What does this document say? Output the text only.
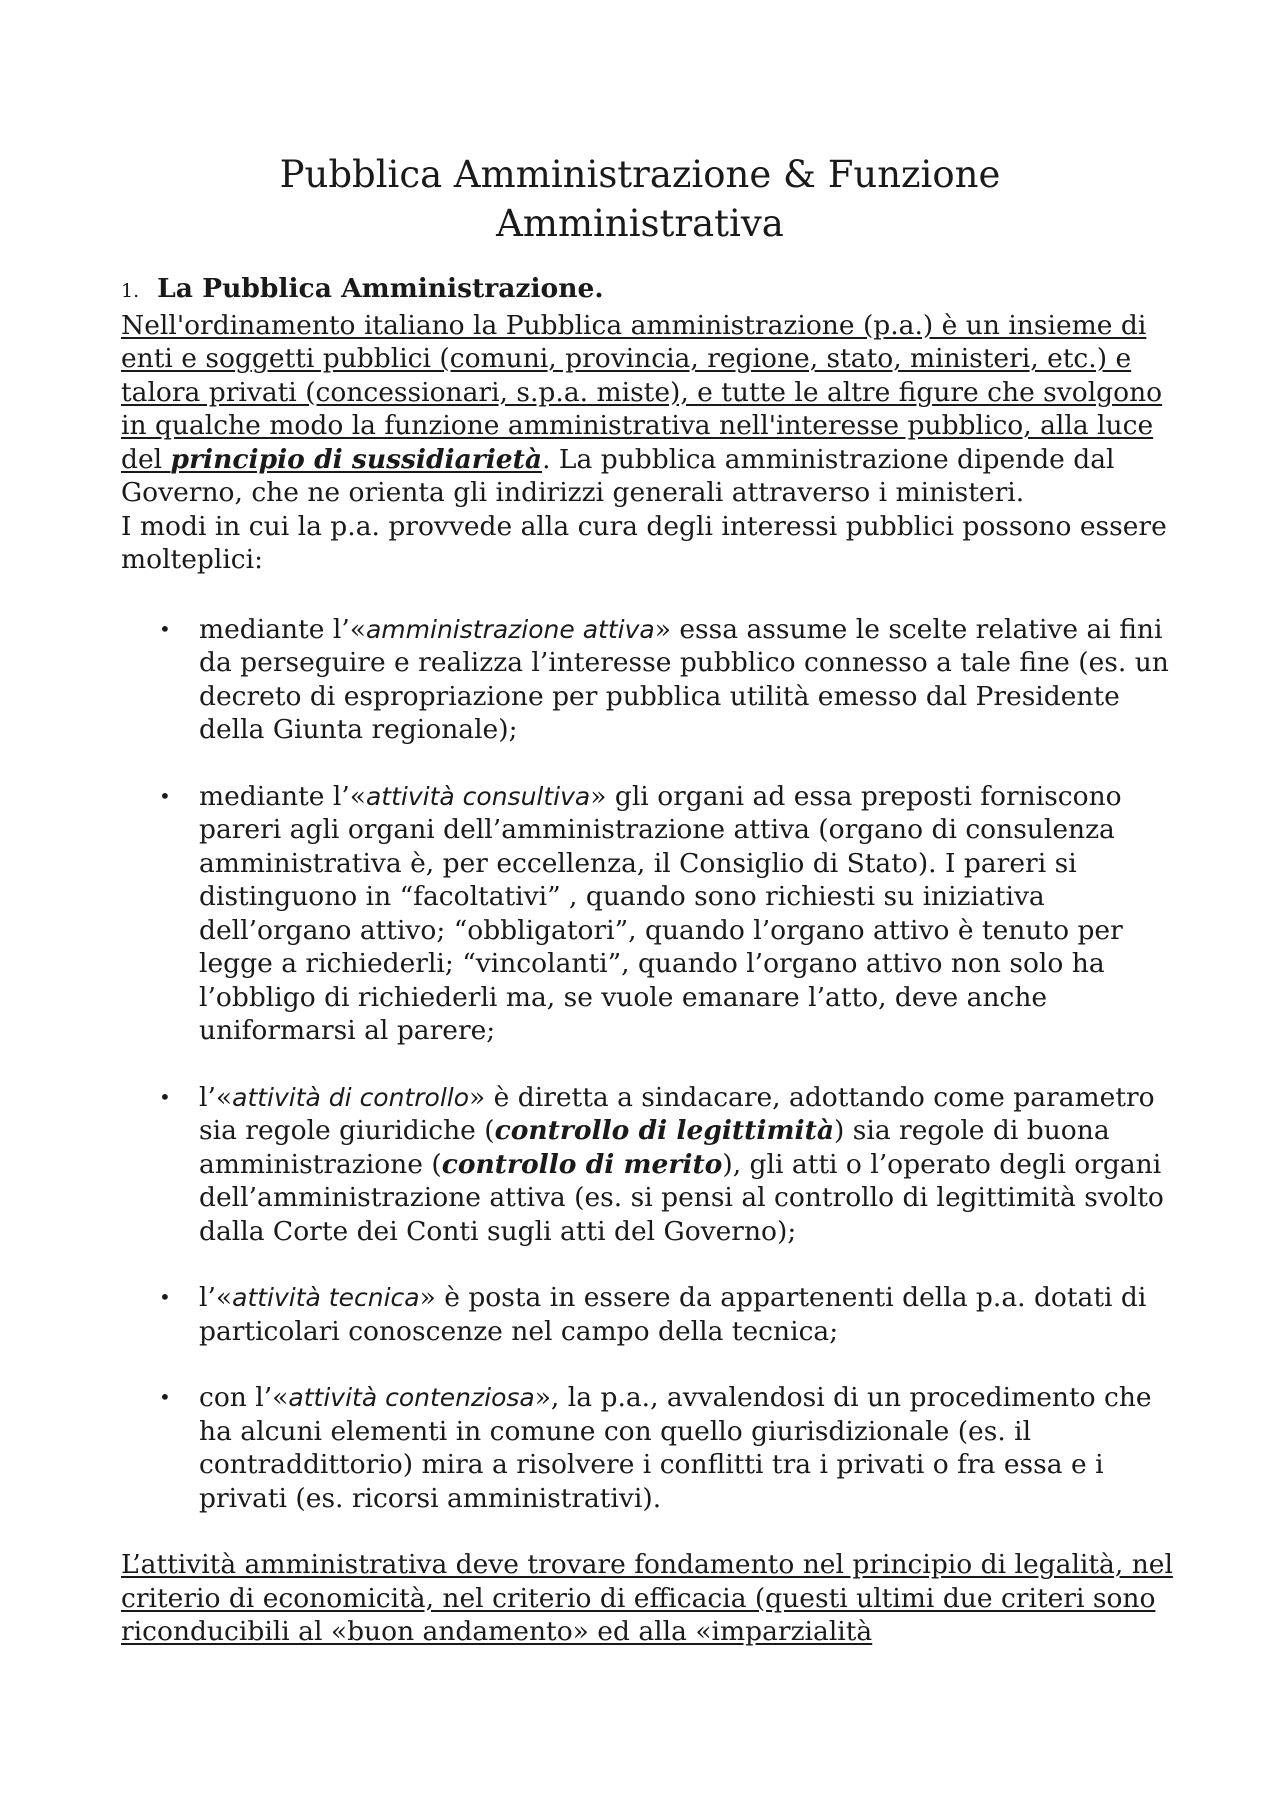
Pubblica Amministrazione & Funzione
Amministrativa
1. La Pubblica Amministrazione.

Nell'ordinamento italiano la Pubblica amministrazione (p.a.) è un insieme di enti e soggetti pubblici (comuni, provincia, regione, stato, ministeri, etc.) e talora privati (concessionari, s.p.a. miste), e tutte le altre figure che svolgono in qualche modo la funzione amministrativa nell'interesse pubblico, alla luce del principio di sussidiarietà. La pubblica amministrazione dipende dal Governo, che ne orienta gli indirizzi generali attraverso i ministeri.

I modi in cui la p.a. provvede alla cura degli interessi pubblici possono essere molteplici:

• mediante l’«amministrazione attiva» essa assume le scelte relative ai fini da perseguire e realizza l’interesse pubblico connesso a tale fine (es. un decreto di espropriazione per pubblica utilità emesso dal Presidente della Giunta regionale);
• mediante l’«attività consultiva» gli organi ad essa preposti forniscono pareri agli organi dell’amministrazione attiva (organo di consulenza amministrativa è, per eccellenza, il Consiglio di Stato). I pareri si distinguono in “facoltativi” , quando sono richiesti su iniziativa dell’organo attivo; “obbligatori”, quando l’organo attivo è tenuto per legge a richiederli; “vincolanti”, quando l’organo attivo non solo ha l’obbligo di richiederli ma, se vuole emanare l’atto, deve anche uniformarsi al parere;
• l’«attività di controllo» è diretta a sindacare, adottando come parametro sia regole giuridiche (controllo di legittimità) sia regole di buona amministrazione (controllo di merito), gli atti o l’operato degli organi dell’amministrazione attiva (es. si pensi al controllo di legittimità svolto dalla Corte dei Conti sugli atti del Governo);
• l’«attività tecnica» è posta in essere da appartenenti della p.a. dotati di particolari conoscenze nel campo della tecnica;
• con l’«attività contenziosa», la p.a., avvalendosi di un procedimento che ha alcuni elementi in comune con quello giurisdizionale (es. il contraddittorio) mira a risolvere i conflitti tra i privati o fra essa e i privati (es. ricorsi amministrativi).

L’attività amministrativa deve trovare fondamento nel principio di legalità, nel criterio di economicità, nel criterio di efficacia (questi ultimi due criteri sono riconducibili al «buon andamento» ed alla «imparzialità
